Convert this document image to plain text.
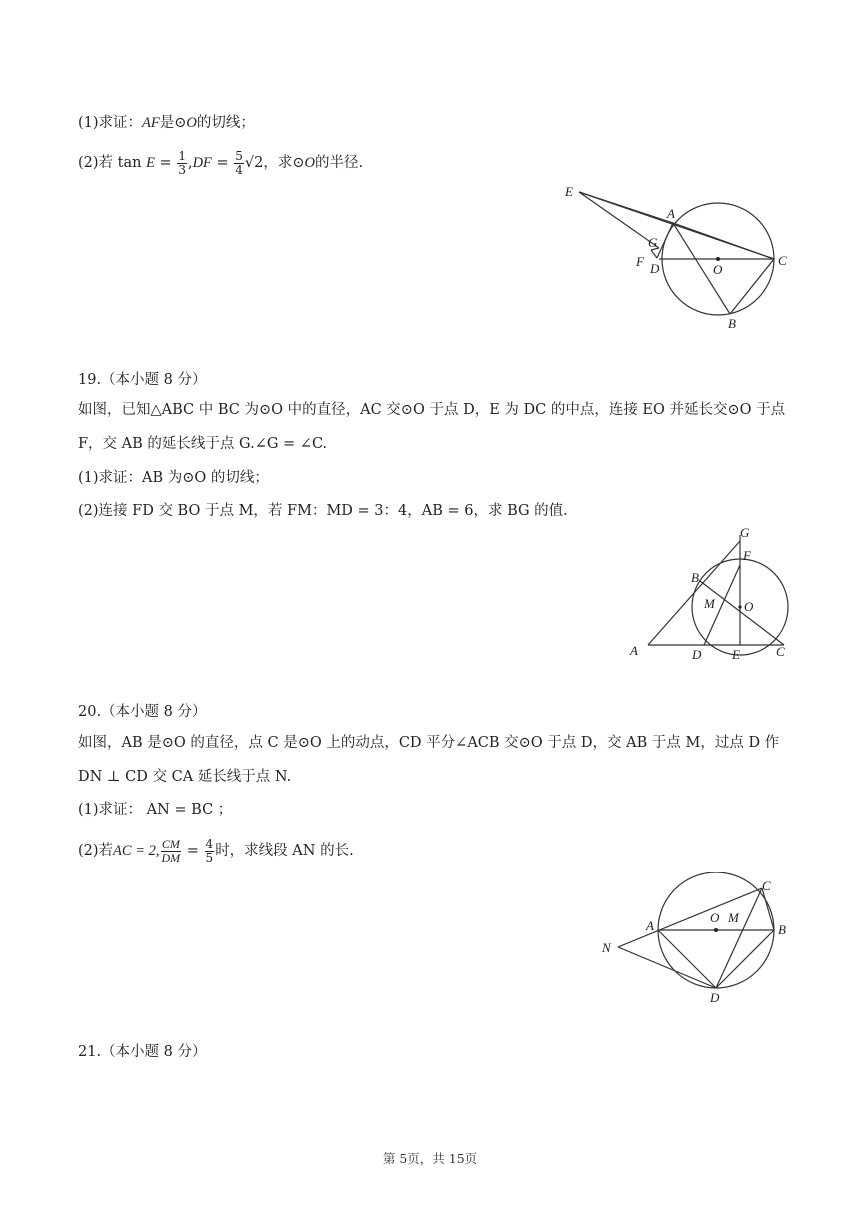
(1)求证：AF是⊙O的切线；
(2)若 $\tan E = \frac{1}{3} ,DF = \frac{5}{4} √2$，求⊙O的半径.
E
A
G
F D	O
C
B
19.（本小题 8 分）
如图，已知△ABC 中 BC 为⊙O 中的直径，AC 交⊙O 于点 D，E 为 DC 的中点，连接 EO 并延长交⊙O 于点
F，交 AB 的延长线于点 G.∠G = ∠C.
(1)求证：AB 为⊙O 的切线；
(2)连接 FD 交 BO 于点 M，若 FM：MD = 3：4，AB = 6，求 BG 的值.
G
F
B
M O
A	D E	C
20.（本小题 8 分）
如图，AB 是⊙O 的直径，点 C 是⊙O 上的动点，CD 平分∠ACB 交⊙O 于点 D，交 AB 于点 M，过点 D 作
DN ⊥ CD 交 CA 延长线于点 N.
(1)求证： AN = BC ；
(2)若AC = 2, $\frac{CM}{DM} = \frac{4}{5}$ 时，求线段 AN 的长.
C
A
O M
B
N
D
21.（本小题 8 分）
第 5页，共 15页
